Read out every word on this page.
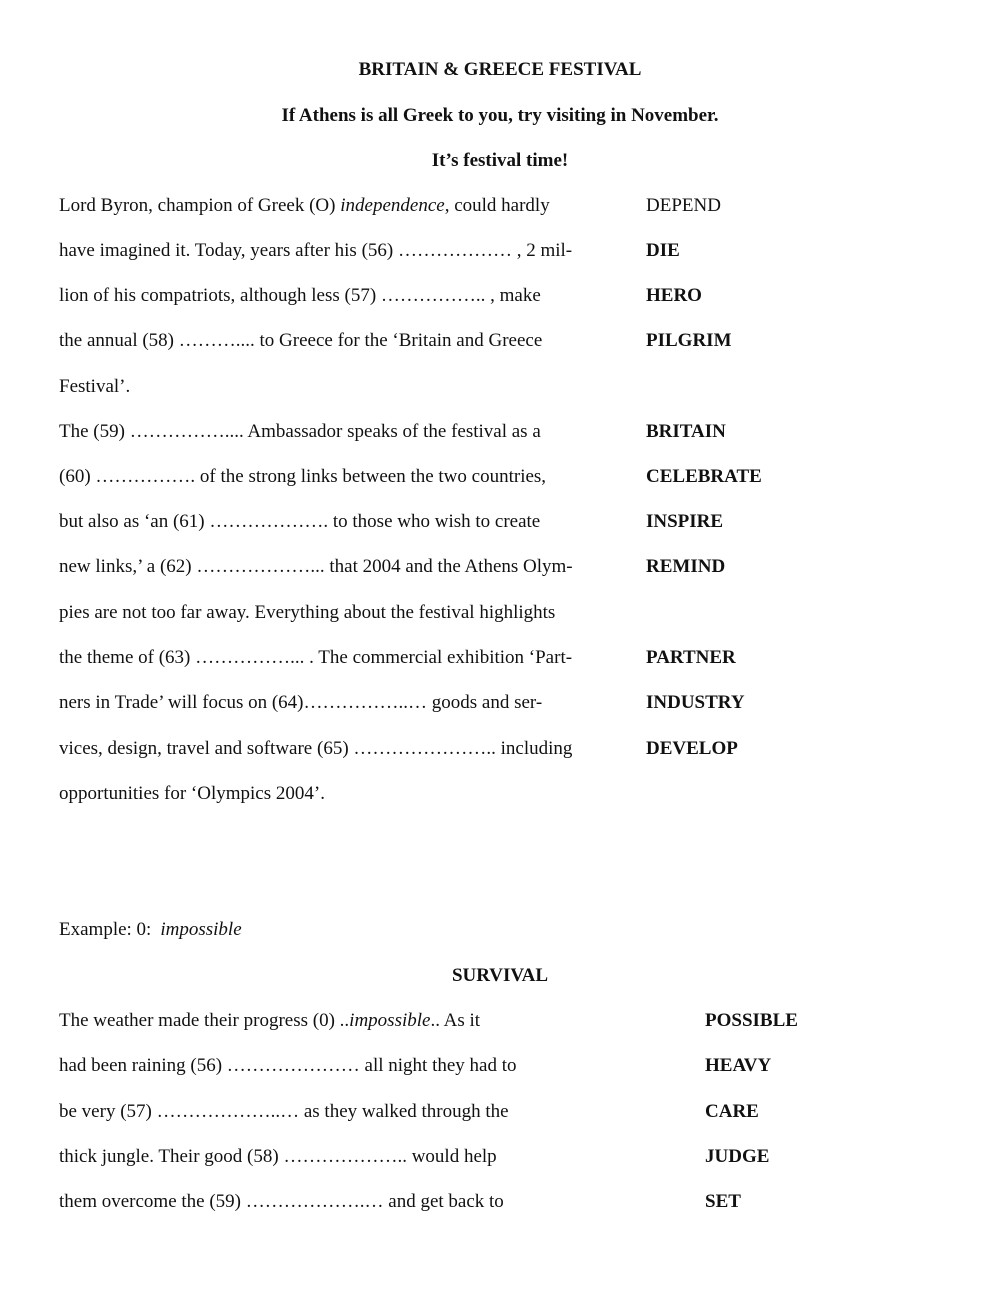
BRITAIN & GREECE FESTIVAL
If Athens is all Greek to you, try visiting in November.
It’s festival time!
Lord Byron, champion of Greek (O) independence, could hardly	DEPEND
have imagined it. Today, years after his (56) ……………… , 2 mil-	DIE
lion of his compatriots, although less (57) …………….. , make	HERO
the annual (58) ……….... to Greece for the ‘Britain and Greece	PILGRIM
Festival’.
The (59) …………….... Ambassador speaks of the festival as a	BRITAIN
(60) ……………. of the strong links between the two countries,	CELEBRATE
but also as ‘an (61) ………………. to those who wish to create	INSPIRE
new links,’ a (62) ………………... that 2004 and the Athens Olym-	REMIND
pies are not too far away. Everything about the festival highlights
the theme of (63) ……………... . The commercial exhibition ‘Part-	PARTNER
ners in Trade’ will focus on (64)……………..… goods and ser-	INDUSTRY
vices, design, travel and software (65) ………………….. including	DEVELOP
opportunities for ‘Olympics 2004’.
Example: 0: impossible
SURVIVAL
The weather made their progress (0) ..impossible.. As it	POSSIBLE
had been raining (56) ………………… all night they had to	HEAVY
be very (57) ………………..… as they walked through the	CARE
thick jungle. Their good (58) ……………….. would help	JUDGE
them overcome the (59) ……………….… and get back to	SET
